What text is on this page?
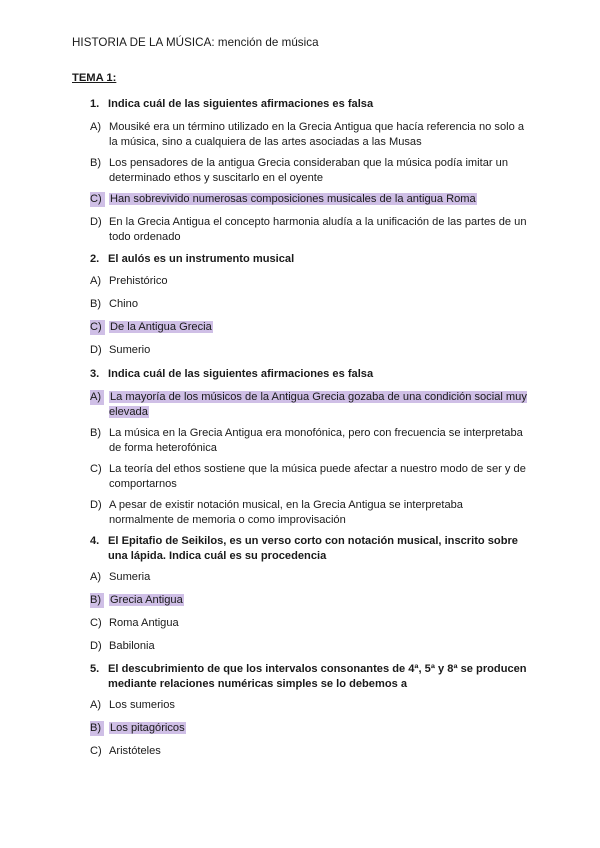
HISTORIA DE LA MÚSICA: mención de música
TEMA 1:
1. Indica cuál de las siguientes afirmaciones es falsa
A) Mousiké era un término utilizado en la Grecia Antigua que hacía referencia no solo a la música, sino a cualquiera de las artes asociadas a las Musas
B) Los pensadores de la antigua Grecia consideraban que la música podía imitar un determinado ethos y suscitarlo en el oyente
C) Han sobrevivido numerosas composiciones musicales de la antigua Roma
D) En la Grecia Antigua el concepto harmonia aludía a la unificación de las partes de un todo ordenado
2. El aulós es un instrumento musical
A) Prehistórico
B) Chino
C) De la Antigua Grecia
D) Sumerio
3. Indica cuál de las siguientes afirmaciones es falsa
A) La mayoría de los músicos de la Antigua Grecia gozaba de una condición social muy elevada
B) La música en la Grecia Antigua era monofónica, pero con frecuencia se interpretaba de forma heterofónica
C) La teoría del ethos sostiene que la música puede afectar a nuestro modo de ser y de comportarnos
D) A pesar de existir notación musical, en la Grecia Antigua se interpretaba normalmente de memoria o como improvisación
4. El Epitafio de Seikilos, es un verso corto con notación musical, inscrito sobre una lápida. Indica cuál es su procedencia
A) Sumeria
B) Grecia Antigua
C) Roma Antigua
D) Babilonia
5. El descubrimiento de que los intervalos consonantes de 4ª, 5ª y 8ª se producen mediante relaciones numéricas simples se lo debemos a
A) Los sumerios
B) Los pitagóricos
C) Aristóteles
